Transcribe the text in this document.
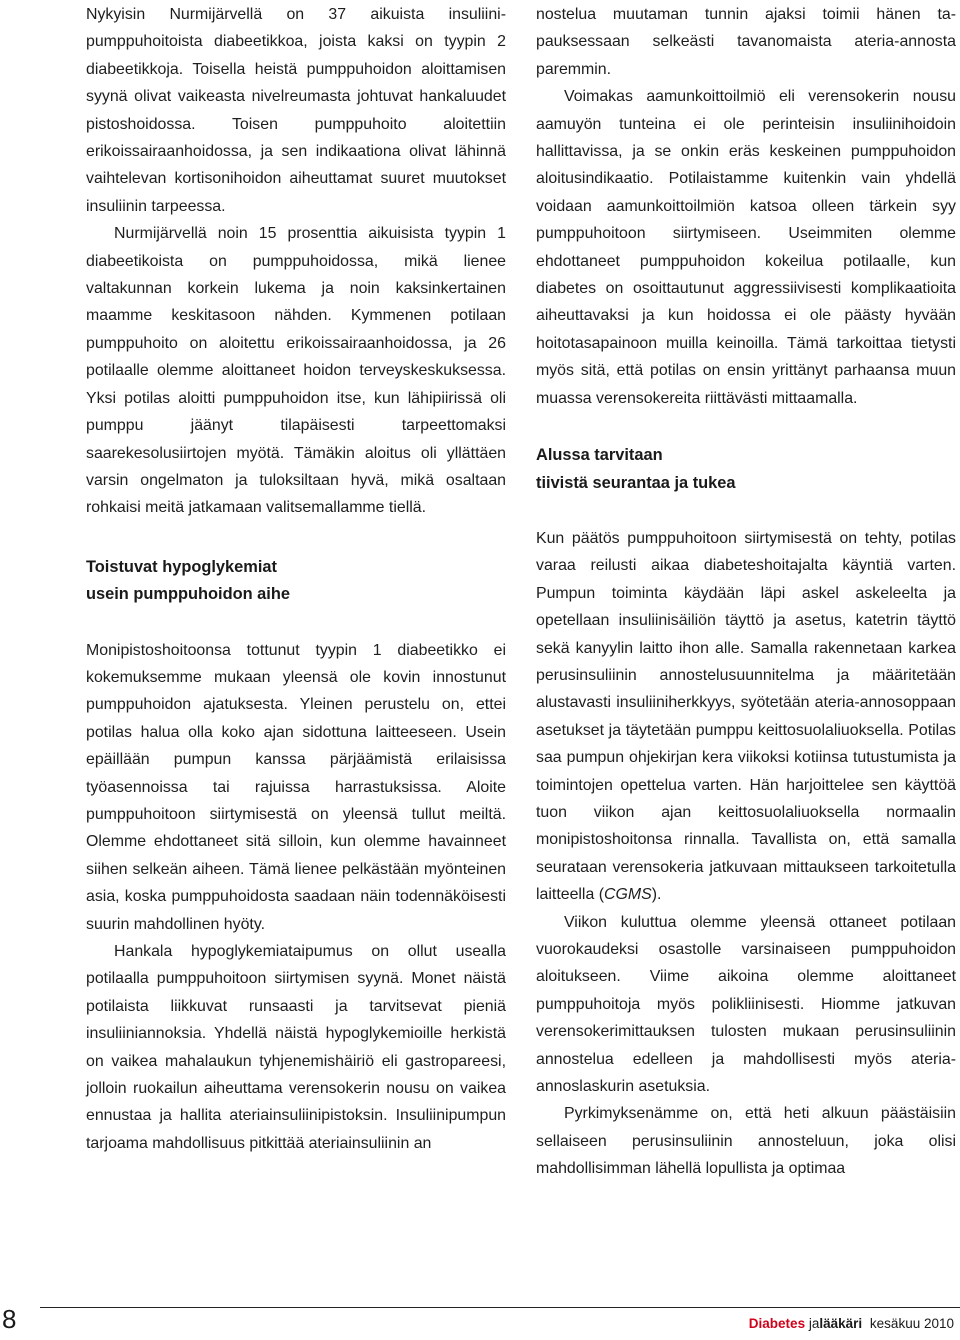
Nykyisin Nurmijärvellä on 37 aikuista insuliinipumppuhoitoista diabeetikkoa, joista kaksi on tyypin 2 diabeetikkoja. Toisella heistä pumppuhoidon aloittamisen syynä olivat vaikeasta nivelreumasta johtuvat hankaluudet pistoshoidossa. Toisen pumppuhoito aloitettiin erikoissairaanhoidossa, ja sen indikaationa olivat lähinnä vaihtelevan kortisonihoidon aiheuttamat suuret muutokset insuliinin tarpeessa.

Nurmijärvellä noin 15 prosenttia aikuisista tyypin 1 diabeetikoista on pumppuhoidossa, mikä lienee valtakunnan korkein lukema ja noin kaksinkertainen maamme keskitasoon nähden. Kymmenen potilaan pumppuhoito on aloitettu erikoissairaanhoidossa, ja 26 potilaalle olemme aloittaneet hoidon terveyskeskuksessa. Yksi potilas aloitti pumppuhoidon itse, kun lähipiirissä oli pumppu jäänyt tilapäisesti tarpeettomaksi saarekesolusiirtojen myötä. Tämäkin aloitus oli yllättäen varsin ongelmaton ja tuloksiltaan hyvä, mikä osaltaan rohkaisi meitä jatkamaan valitsemallamme tiellä.

Toistuvat hypoglykemiat
usein pumppuhoidon aihe

Monipistoshoitoonsa tottunut tyypin 1 diabeetikko ei kokemuksemme mukaan yleensä ole kovin innostunut pumppuhoidon ajatuksesta. Yleinen perustelu on, ettei potilas halua olla koko ajan sidottuna laitteeseen. Usein epäillään pumpun kanssa pärjäämistä erilaisissa työasennoissa tai rajuissa harrastuksissa. Aloite pumppuhoitoon siirtymisestä on yleensä tullut meiltä. Olemme ehdottaneet sitä silloin, kun olemme havainneet siihen selkeän aiheen. Tämä lienee pelkästään myönteinen asia, koska pumppuhoidosta saadaan näin todennäköisesti suurin mahdollinen hyöty.

Hankala hypoglykemiataipumus on ollut usealla potilaalla pumppuhoitoon siirtymisen syynä. Monet näistä potilaista liikkuvat runsaasti ja tarvitsevat pieniä insuliiniannoksia. Yhdellä näistä hypoglykemioille herkistä on vaikea mahalaukun tyhjenemishäiriö eli gastropareesi, jolloin ruokailun aiheuttama verensokerin nousu on vaikea ennustaa ja hallita ateriainsuliinipistoksin. Insuliinipumpun tarjoama mahdollisuus pitkittää ateriainsuliinin an

nostelua muutaman tunnin ajaksi toimii hänen tapauksessaan selkeästi tavanomaista ateria-annosta paremmin.

Voimakas aamunkoittoilmiö eli verensokerin nousu aamuyön tunteina ei ole perinteisin insuliinihoidoin hallittavissa, ja se onkin eräs keskeinen pumppuhoidon aloitusindikaatio. Potilaistamme kuitenkin vain yhdellä voidaan aamunkoittoilmiön katsoa olleen tärkein syy pumppuhoitoon siirtymiseen. Useimmiten olemme ehdottaneet pumppuhoidon kokeilua potilaalle, kun diabetes on osoittautunut aggressiivisesti komplikaatioita aiheuttavaksi ja kun hoidossa ei ole päästy hyvään hoitotasapainoon muilla keinoilla. Tämä tarkoittaa tietysti myös sitä, että potilas on ensin yrittänyt parhaansa muun muassa verensokereita riittävästi mittaamalla.

Alussa tarvitaan
tiivistä seurantaa ja tukea

Kun päätös pumppuhoitoon siirtymisestä on tehty, potilas varaa reilusti aikaa diabeteshoitajalta käyntiä varten. Pumpun toiminta käydään läpi askel askeleelta ja opetellaan insuliinisäiliön täyttö ja asetus, katetrin täyttö sekä kanyylin laitto ihon alle. Samalla rakennetaan karkea perusinsuliinin annostelusuunnitelma ja määritetään alustavasti insuliiniherkkyys, syötetään ateria-annosoppaan asetukset ja täytetään pumppu keittosuolaliuoksella. Potilas saa pumpun ohjekirjan kera viikoksi kotiinsa tutustumista ja toimintojen opettelua varten. Hän harjoittelee sen käyttöä tuon viikon ajan keittosuolaliuoksella normaalin monipistoshoitonsa rinnalla. Tavallista on, että samalla seurataan verensokeria jatkuvaan mittaukseen tarkoitetulla laitteella (CGMS).

Viikon kuluttua olemme yleensä ottaneet potilaan vuorokaudeksi osastolle varsinaiseen pumppuhoidon aloitukseen. Viime aikoina olemme aloittaneet pumppuhoitoja myös polikliinisesti. Hiomme jatkuvan verensokerimittauksen tulosten mukaan perusinsuliinin annostelua edelleen ja mahdollisesti myös ateria-annoslaskurin asetuksia.

Pyrkimyksenämme on, että heti alkuun päästäisiin sellaiseen perusinsuliinin annosteluun, joka olisi mahdollisimman lähellä lopullista ja optimaa

8	Diabetes jalääkäri kesäkuu 2010
